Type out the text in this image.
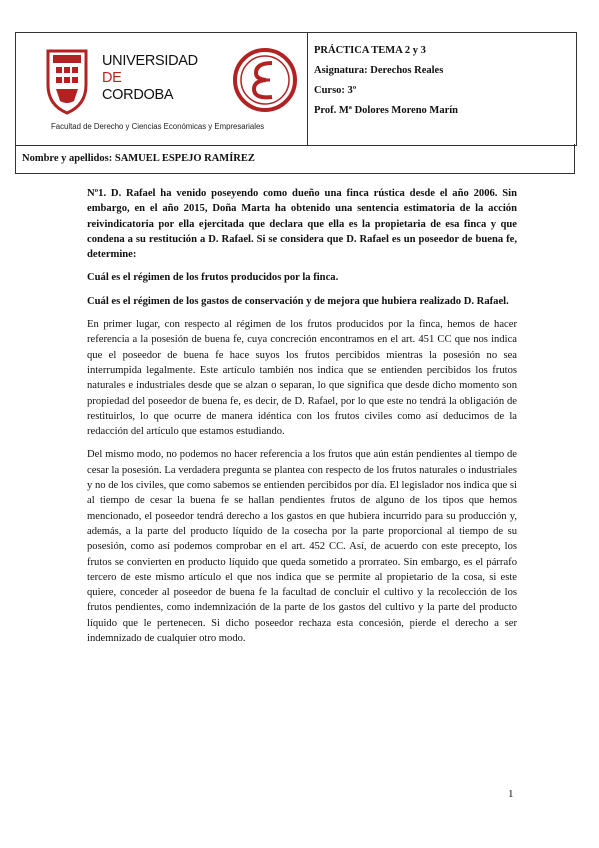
UNIVERSIDAD
DE
CORDOBA
Facultad de Derecho y Ciencias Económicas y Empresariales
PRÁCTICA TEMA 2 y 3
Asignatura: Derechos Reales
Curso: 3º
Prof. Mª Dolores Moreno Marín
Nombre y apellidos: SAMUEL ESPEJO RAMÍREZ

Nº1. D. Rafael ha venido poseyendo como dueño una finca rústica desde el año 2006. Sin embargo, en el año 2015, Doña Marta ha obtenido una sentencia estimatoria de la acción reivindicatoria por ella ejercitada que declara que ella es la propietaria de esa finca y que condena a su restitución a D. Rafael. Si se considera que D. Rafael es un poseedor de buena fe, determine:

Cuál es el régimen de los frutos producidos por la finca.

Cuál es el régimen de los gastos de conservación y de mejora que hubiera realizado D. Rafael.

En primer lugar, con respecto al régimen de los frutos producidos por la finca, hemos de hacer referencia a la posesión de buena fe, cuya concreción encontramos en el art. 451 CC que nos indica que el poseedor de buena fe hace suyos los frutos percibidos mientras la posesión no sea interrumpida legalmente. Este artículo también nos indica que se entienden percibidos los frutos naturales e industriales desde que se alzan o separan, lo que significa que desde dicho momento son propiedad del poseedor de buena fe, es decir, de D. Rafael, por lo que este no tendrá la obligación de restituirlos, lo que ocurre de manera idéntica con los frutos civiles como así deducimos de la redacción del artículo que estamos estudiando.

Del mismo modo, no podemos no hacer referencia a los frutos que aún están pendientes al tiempo de cesar la posesión. La verdadera pregunta se plantea con respecto de los frutos naturales o industriales y no de los civiles, que como sabemos se entienden percibidos por día. El legislador nos indica que si al tiempo de cesar la buena fe se hallan pendientes frutos de alguno de los tipos que hemos mencionado, el poseedor tendrá derecho a los gastos en que hubiera incurrido para su producción y, además, a la parte del producto líquido de la cosecha por la parte proporcional al tiempo de su posesión, como así podemos comprobar en el art. 452 CC. Así, de acuerdo con este precepto, los frutos se convierten en producto líquido que queda sometido a prorrateo. Sin embargo, es el párrafo tercero de este mismo artículo el que nos indica que se permite al propietario de la cosa, si este quiere, conceder al poseedor de buena fe la facultad de concluir el cultivo y la recolección de los frutos pendientes, como indemnización de la parte de los gastos del cultivo y la parte del producto líquido que le pertenecen. Si dicho poseedor rechaza esta concesión, pierde el derecho a ser indemnizado de cualquier otro modo.

1
